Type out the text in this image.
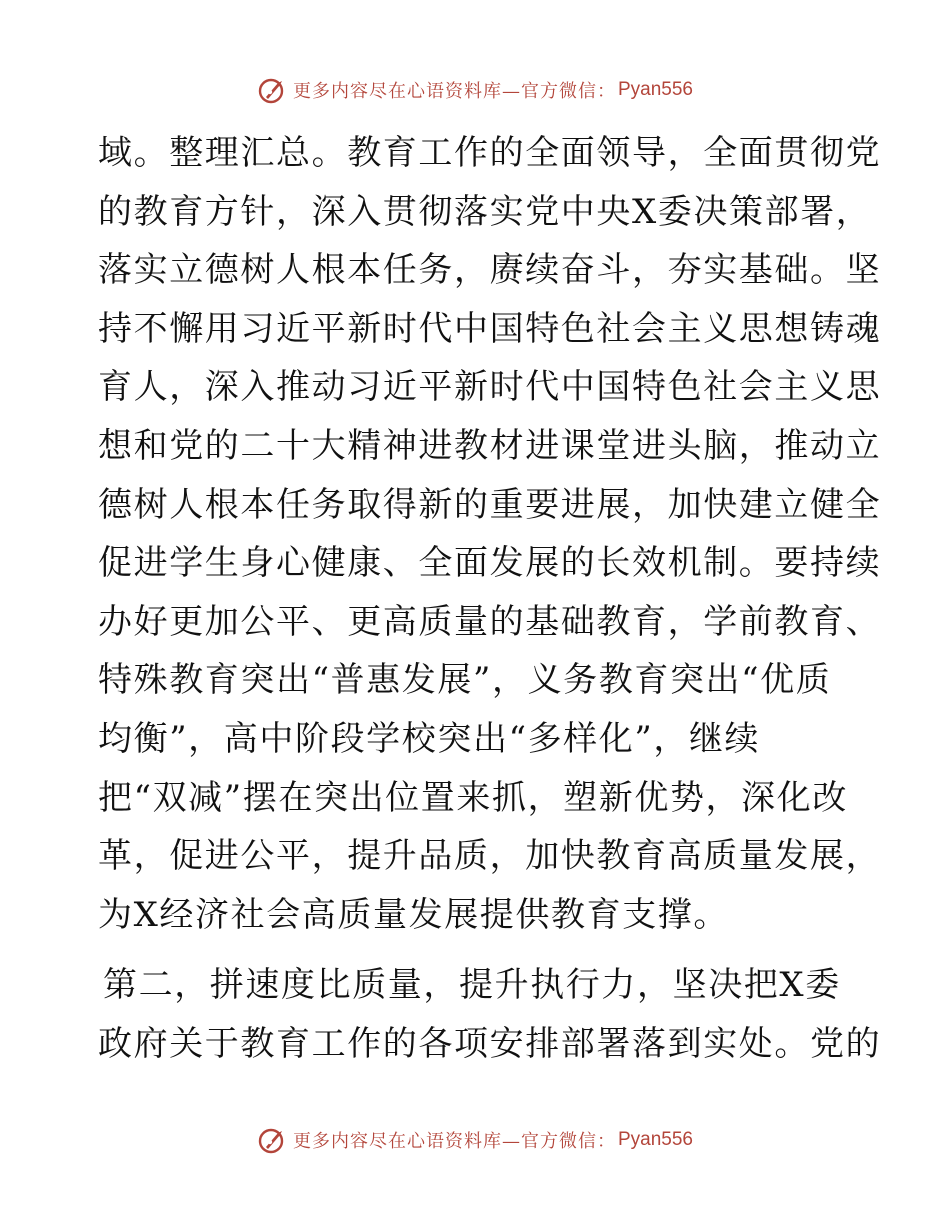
更多内容尽在心语资料库—官方微信： Pyan556
域。整理汇总。教育工作的全面领导，全面贯彻党
的教育方针，深入贯彻落实党中央X委决策部署，
落实立德树人根本任务，赓续奋斗，夯实基础。坚
持不懈用习近平新时代中国特色社会主义思想铸魂
育人，深入推动习近平新时代中国特色社会主义思
想和党的二十大精神进教材进课堂进头脑，推动立
德树人根本任务取得新的重要进展，加快建立健全
促进学生身心健康、全面发展的长效机制。要持续
办好更加公平、更高质量的基础教育，学前教育、
特殊教育突出“普惠发展”，义务教育突出“优质
均衡”，高中阶段学校突出“多样化”，继续
把“双减”摆在突出位置来抓，塑新优势，深化改
革，促进公平，提升品质，加快教育高质量发展，
为X经济社会高质量发展提供教育支撑。
第二，拼速度比质量，提升执行力，坚决把X委
政府关于教育工作的各项安排部署落到实处。党的
更多内容尽在心语资料库—官方微信： Pyan556
